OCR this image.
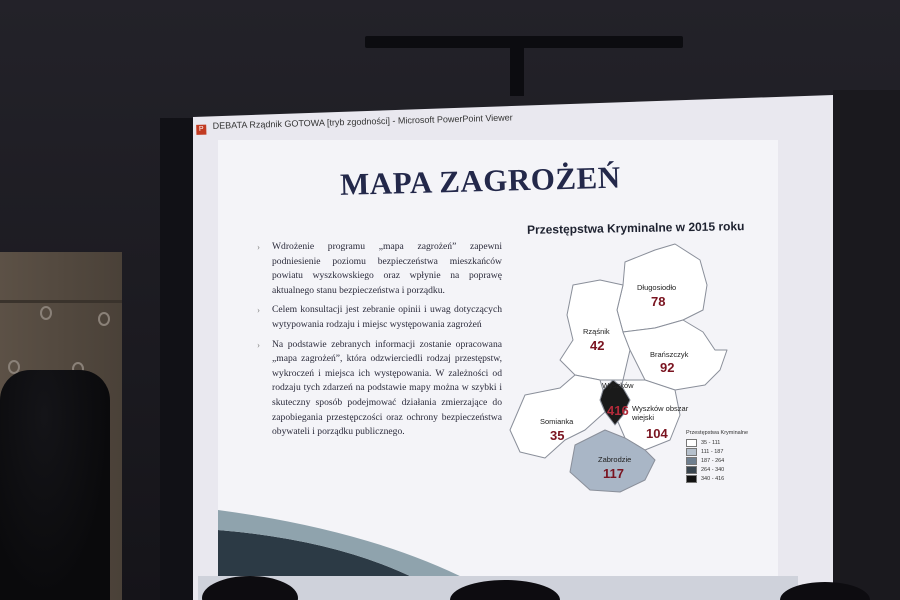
P DEBATA Rządnik GOTOWA [tryb zgodności] - Microsoft PowerPoint Viewer
MAPA ZAGROŻEŃ
› Wdrożenie programu „mapa zagrożeń” zapewni podniesienie poziomu bezpieczeństwa mieszkańców powiatu wyszkowskiego oraz wpłynie na poprawę aktualnego stanu bezpieczeństwa i porządku.
› Celem konsultacji jest zebranie opinii i uwag dotyczących wytypowania rodzaju i miejsc występowania zagrożeń
› Na podstawie zebranych informacji zostanie opracowana „mapa zagrożeń”, która odzwierciedli rodzaj przestępstw, wykroczeń i miejsca ich występowania. W zależności od rodzaju tych zdarzeń na podstawie mapy można w szybki i skuteczny sposób podejmować działania zmierzające do zapobiegania przestępczości oraz ochrony bezpieczeństwa obywateli i porządku publicznego.
Przestępstwa Kryminalne w 2015 roku
Długosiodło
78
Rząśnik
42
Brańszczyk
92
Wyszków
416 Wyszków obszar wiejski
104
Somianka
35
Zabrodzie
117
Przestępstwa Kryminalne
35 - 111
111 - 187
187 - 264
264 - 340
340 - 416
